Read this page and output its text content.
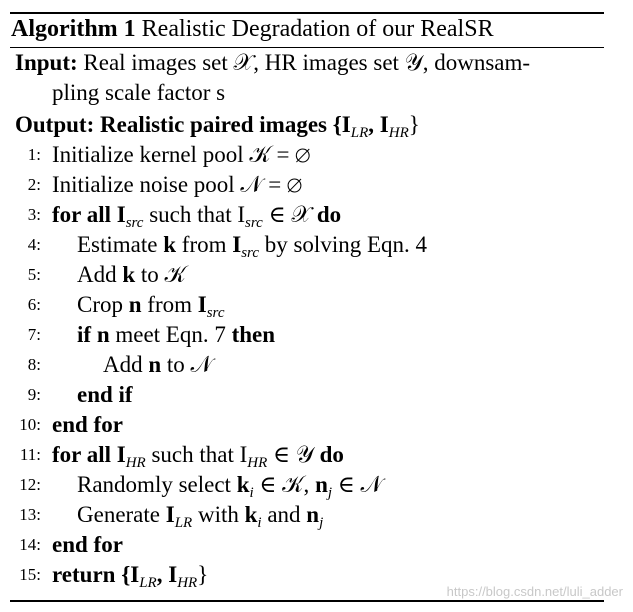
Algorithm 1 Realistic Degradation of our RealSR
Input: Real images set 𝒳, HR images set 𝒴, downsam-
pling scale factor s
Output: Realistic paired images {$I_{LR}$, $I_{HR}$}
1: Initialize kernel pool 𝒦 = ∅
2: Initialize noise pool 𝒩 = ∅
3: for all $I_{src}$ such that $I_{src}$ ∈ 𝒳 do
4: Estimate k from $I_{src}$ by solving Eqn. 4
5: Add k to 𝒦
6: Crop n from $I_{src}$
7: if n meet Eqn. 7 then
8:	Add n to 𝒩
9: end if
10: end for
11: for all $I_{HR}$ such that $I_{HR}$ ∈ 𝒴 do
12: Randomly select $k_i$ ∈ 𝒦, $n_j$ ∈ 𝒩
13: Generate $I_{LR}$ with $k_i$ and $n_j$
14: end for
15: return {$I_{LR}$, $I_{HR}$}
https://blog.csdn.net/luli_adder
